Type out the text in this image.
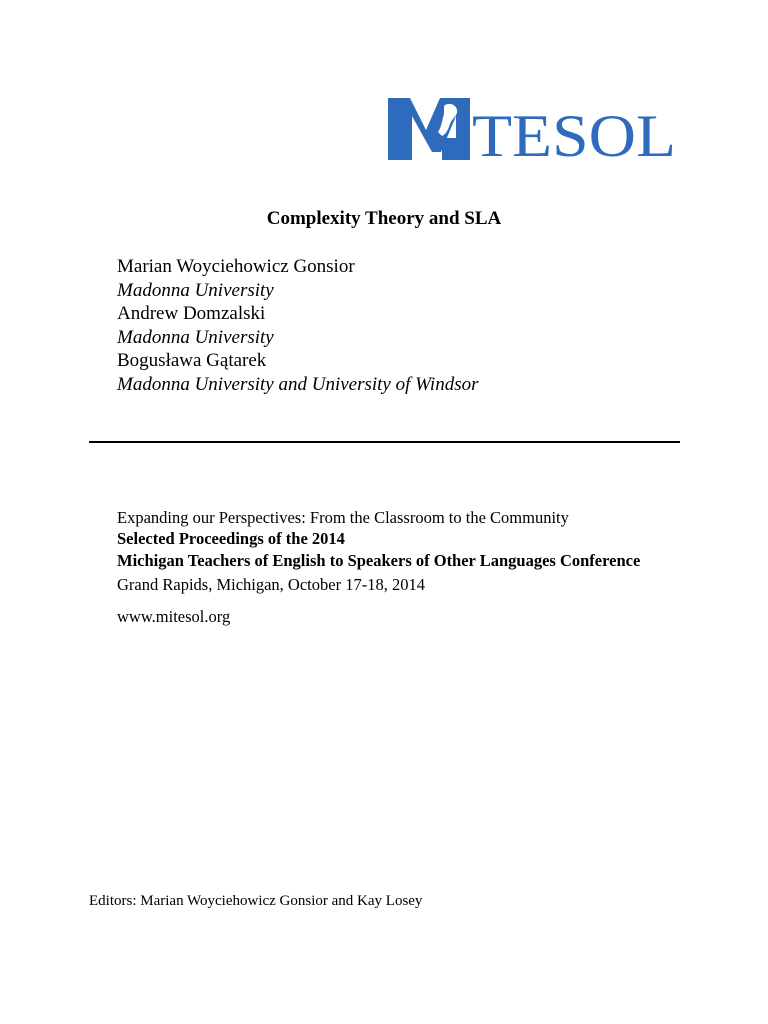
TESOL
Complexity Theory and SLA
Marian Woyciehowicz Gonsior
Madonna University
Andrew Domzalski
Madonna University
Bogusława Gątarek
Madonna University and University of Windsor
Expanding our Perspectives: From the Classroom to the Community
Selected Proceedings of the 2014
Michigan Teachers of English to Speakers of Other Languages Conference
Grand Rapids, Michigan, October 17-18, 2014
www.mitesol.org
Editors: Marian Woyciehowicz Gonsior and Kay Losey
